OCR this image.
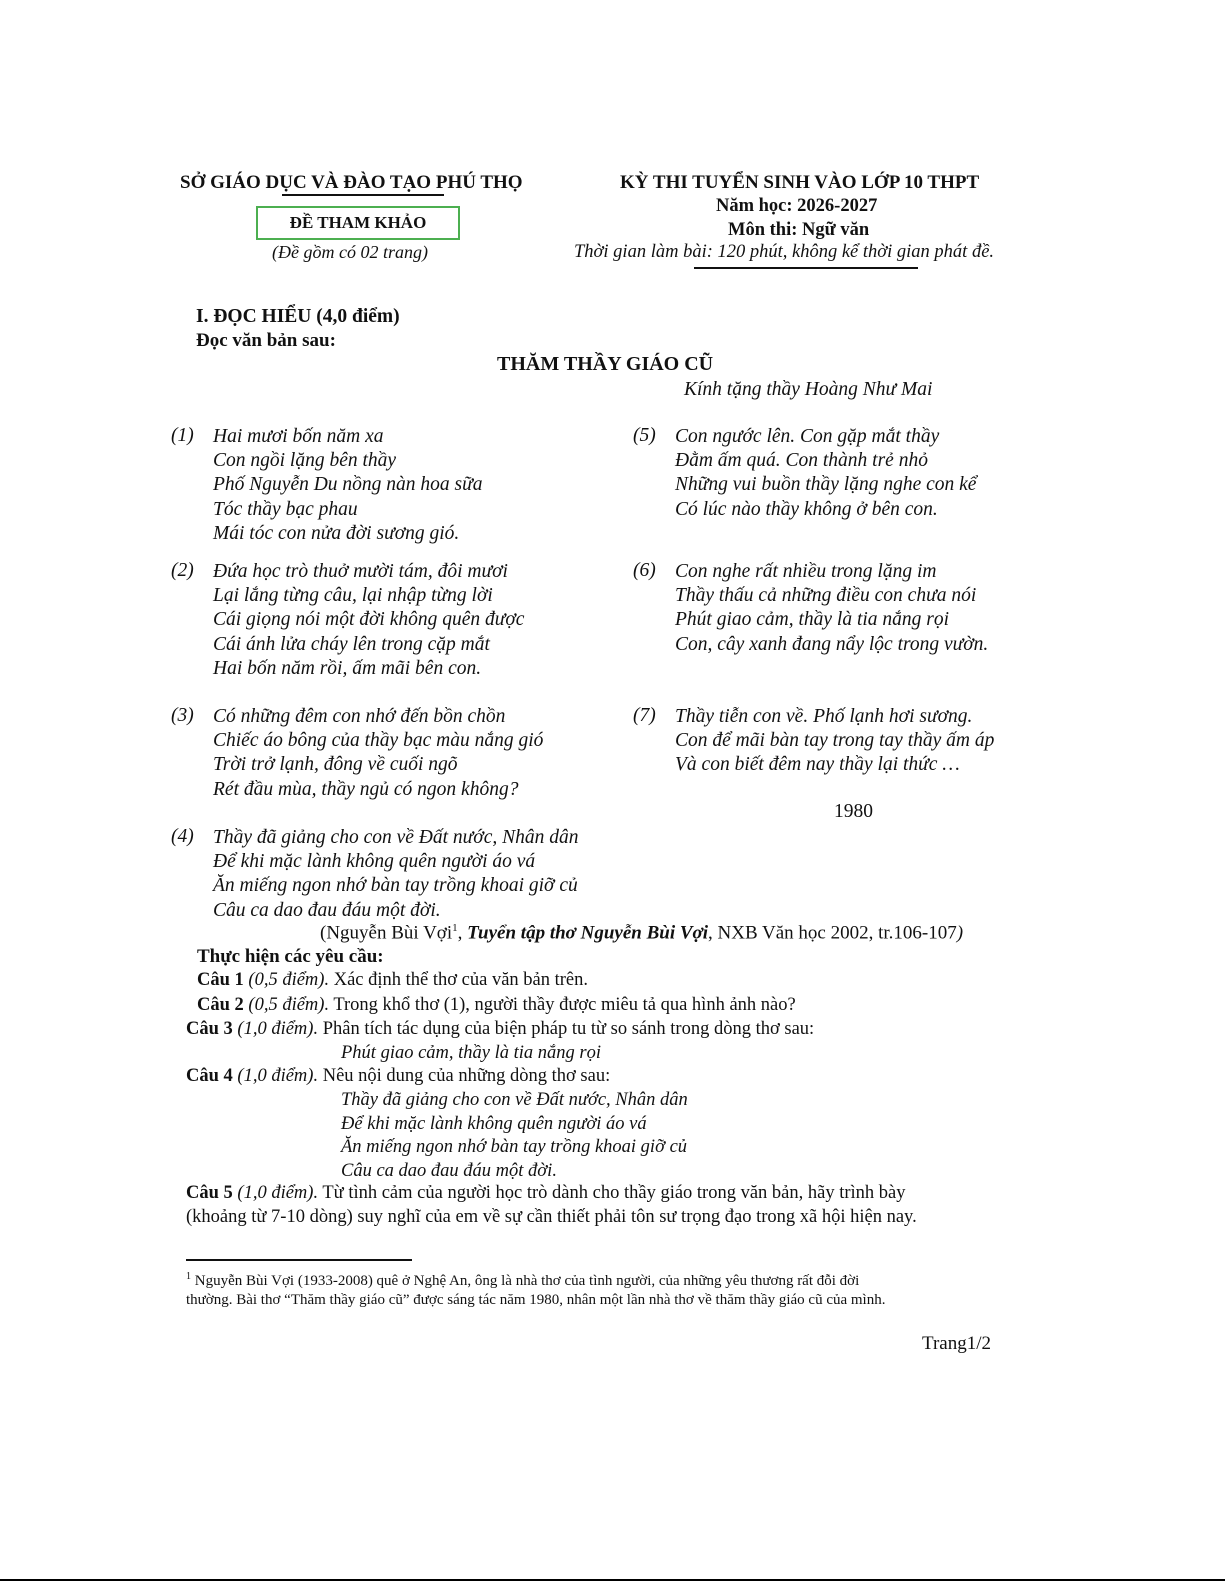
SỞ GIÁO DỤC VÀ ĐÀO TẠO PHÚ THỌ
ĐỀ THAM KHẢO
(Đề gồm có 02 trang)
KỲ THI TUYỂN SINH VÀO LỚP 10 THPT
Năm học: 2026-2027
Môn thi: Ngữ văn
Thời gian làm bài: 120 phút, không kể thời gian phát đề.
I. ĐỌC HIỂU (4,0 điểm)
Đọc văn bản sau:
THĂM THẦY GIÁO CŨ
Kính tặng thầy Hoàng Như Mai
(1) Hai mươi bốn năm xa
Con ngồi lặng bên thầy
Phố Nguyễn Du nồng nàn hoa sữa
Tóc thầy bạc phau
Mái tóc con nửa đời sương gió.
(2) Đứa học trò thuở mười tám, đôi mươi
Lại lắng từng câu, lại nhập từng lời
Cái giọng nói một đời không quên được
Cái ánh lửa cháy lên trong cặp mắt
Hai bốn năm rồi, ấm mãi bên con.
(3) Có những đêm con nhớ đến bồn chồn
Chiếc áo bông của thầy bạc màu nắng gió
Trời trở lạnh, đông về cuối ngõ
Rét đầu mùa, thầy ngủ có ngon không?
(4) Thầy đã giảng cho con về Đất nước, Nhân dân
Để khi mặc lành không quên người áo vá
Ăn miếng ngon nhớ bàn tay trồng khoai giỡ củ
Câu ca dao đau đáu một đời.
(5) Con ngước lên. Con gặp mắt thầy
Đằm ấm quá. Con thành trẻ nhỏ
Những vui buồn thầy lặng nghe con kể
Có lúc nào thầy không ở bên con.
(6) Con nghe rất nhiều trong lặng im
Thầy thấu cả những điều con chưa nói
Phút giao cảm, thầy là tia nắng rọi
Con, cây xanh đang nẩy lộc trong vườn.
(7) Thầy tiễn con về. Phố lạnh hơi sương.
Con để mãi bàn tay trong tay thầy ấm áp
Và con biết đêm nay thầy lại thức …
1980
(Nguyễn Bùi Vợi$^1$, Tuyển tập thơ Nguyễn Bùi Vợi, NXB Văn học 2002, tr.106-107)
Thực hiện các yêu cầu:
Câu 1 (0,5 điểm). Xác định thể thơ của văn bản trên.
Câu 2 (0,5 điểm). Trong khổ thơ (1), người thầy được miêu tả qua hình ảnh nào?
Câu 3 (1,0 điểm). Phân tích tác dụng của biện pháp tu từ so sánh trong dòng thơ sau:
Phút giao cảm, thầy là tia nắng rọi
Câu 4 (1,0 điểm). Nêu nội dung của những dòng thơ sau:
Thầy đã giảng cho con về Đất nước, Nhân dân
Để khi mặc lành không quên người áo vá
Ăn miếng ngon nhớ bàn tay trồng khoai giỡ củ
Câu ca dao đau đáu một đời.
Câu 5 (1,0 điểm). Từ tình cảm của người học trò dành cho thầy giáo trong văn bản, hãy trình bày
(khoảng từ 7-10 dòng) suy nghĩ của em về sự cần thiết phải tôn sư trọng đạo trong xã hội hiện nay.
$^1$ Nguyễn Bùi Vợi (1933-2008) quê ở Nghệ An, ông là nhà thơ của tình người, của những yêu thương rất đỗi đời
thường. Bài thơ “Thăm thầy giáo cũ” được sáng tác năm 1980, nhân một lần nhà thơ về thăm thầy giáo cũ của mình.
Trang1/2
